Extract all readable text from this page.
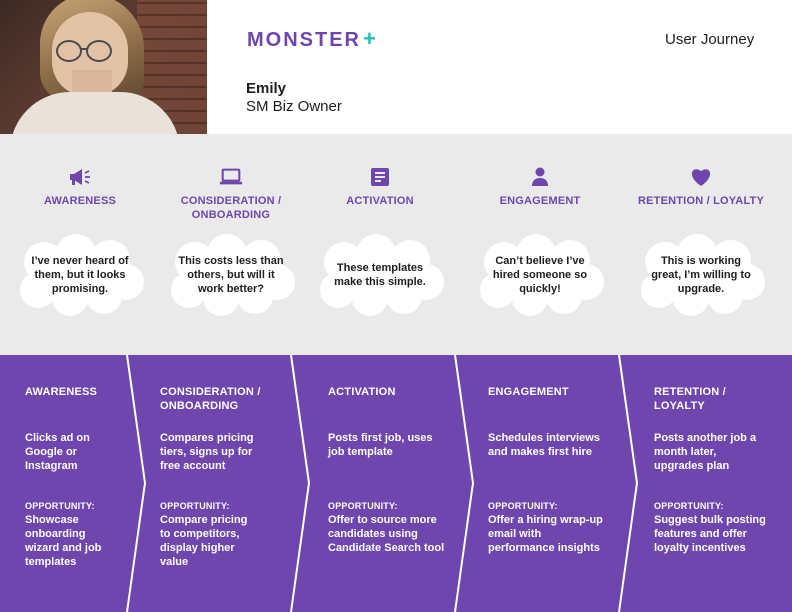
MONSTER+	User Journey
Emily
SM Biz Owner
AWARENESS
I’ve never heard of them, but it looks promising.
CONSIDERATION / ONBOARDING
This costs less than others, but will it work better?
ACTIVATION
These templates make this simple.
ENGAGEMENT
Can’t believe I’ve hired someone so quickly!
RETENTION / LOYALTY
This is working great, I’m willing to upgrade.
AWARENESS
Clicks ad on Google or Instagram
OPPORTUNITY:
Showcase onboarding wizard and job templates
CONSIDERATION / ONBOARDING
Compares pricing tiers, signs up for free account
OPPORTUNITY:
Compare pricing to competitors, display higher value
ACTIVATION
Posts first job, uses job template
OPPORTUNITY:
Offer to source more candidates using Candidate Search tool
ENGAGEMENT
Schedules interviews and makes first hire
OPPORTUNITY:
Offer a hiring wrap-up email with performance insights
RETENTION / LOYALTY
Posts another job a month later, upgrades plan
OPPORTUNITY:
Suggest bulk posting features and offer loyalty incentives
